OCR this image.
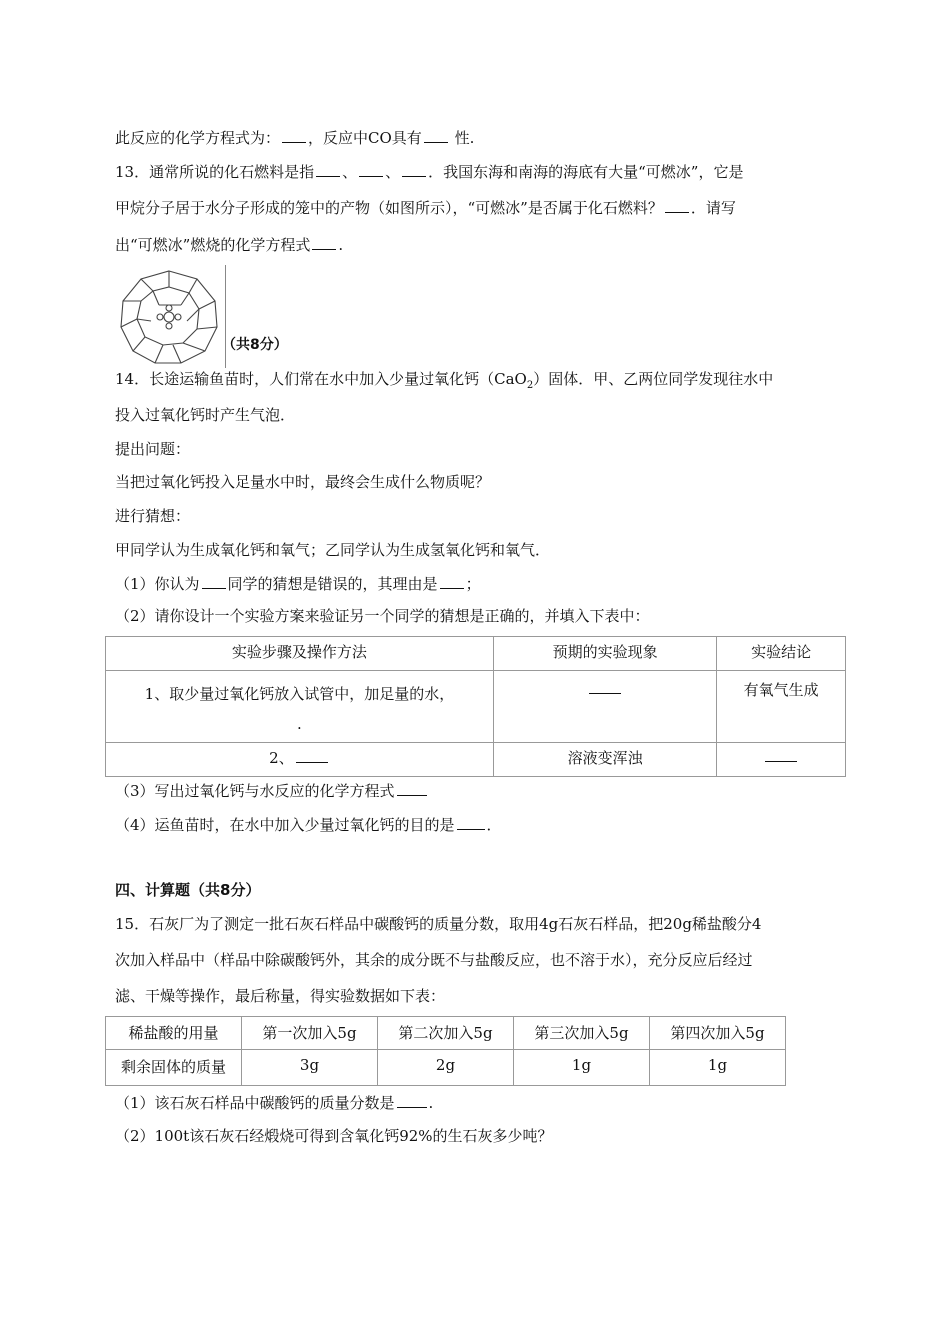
此反应的化学方程式为： ，反应中CO具有 性.
13．通常所说的化石燃料是指 、 、 ．我国东海和南海的海底有大量“可燃冰”，它是
甲烷分子居于水分子形成的笼中的产物（如图所示），“可燃冰”是否属于化石燃料？ ．请写
出“可燃冰”燃烧的化学方程式 .
（共8分）
14．长途运输鱼苗时，人们常在水中加入少量过氧化钙（CaO$_2$）固体．甲、乙两位同学发现往水中
投入过氧化钙时产生气泡．
提出问题：
当把过氧化钙投入足量水中时，最终会生成什么物质呢？
进行猜想：
甲同学认为生成氧化钙和氧气；乙同学认为生成氢氧化钙和氧气．
（1）你认为 同学的猜想是错误的，其理由是 ；
（2）请你设计一个实验方案来验证另一个同学的猜想是正确的，并填入下表中：
实验步骤及操作方法	预期的实验现象	实验结论

1、取少量过氧化钙放入试管中，加足量的水，
.		有氧气生成
2、	溶液变浑浊	
（3）写出过氧化钙与水反应的化学方程式
（4）运鱼苗时，在水中加入少量过氧化钙的目的是 ．
四、计算题（共8分）
15．石灰厂为了测定一批石灰石样品中碳酸钙的质量分数，取用4g石灰石样品，把20g稀盐酸分4
次加入样品中（样品中除碳酸钙外，其余的成分既不与盐酸反应，也不溶于水），充分反应后经过
滤、干燥等操作，最后称量，得实验数据如下表：
稀盐酸的用量	第一次加入5g	第二次加入5g	第三次加入5g	第四次加入5g
剩余固体的质量	3g	2g	1g	1g
（1）该石灰石样品中碳酸钙的质量分数是 .
（2）100t该石灰石经煅烧可得到含氧化钙92%的生石灰多少吨？
